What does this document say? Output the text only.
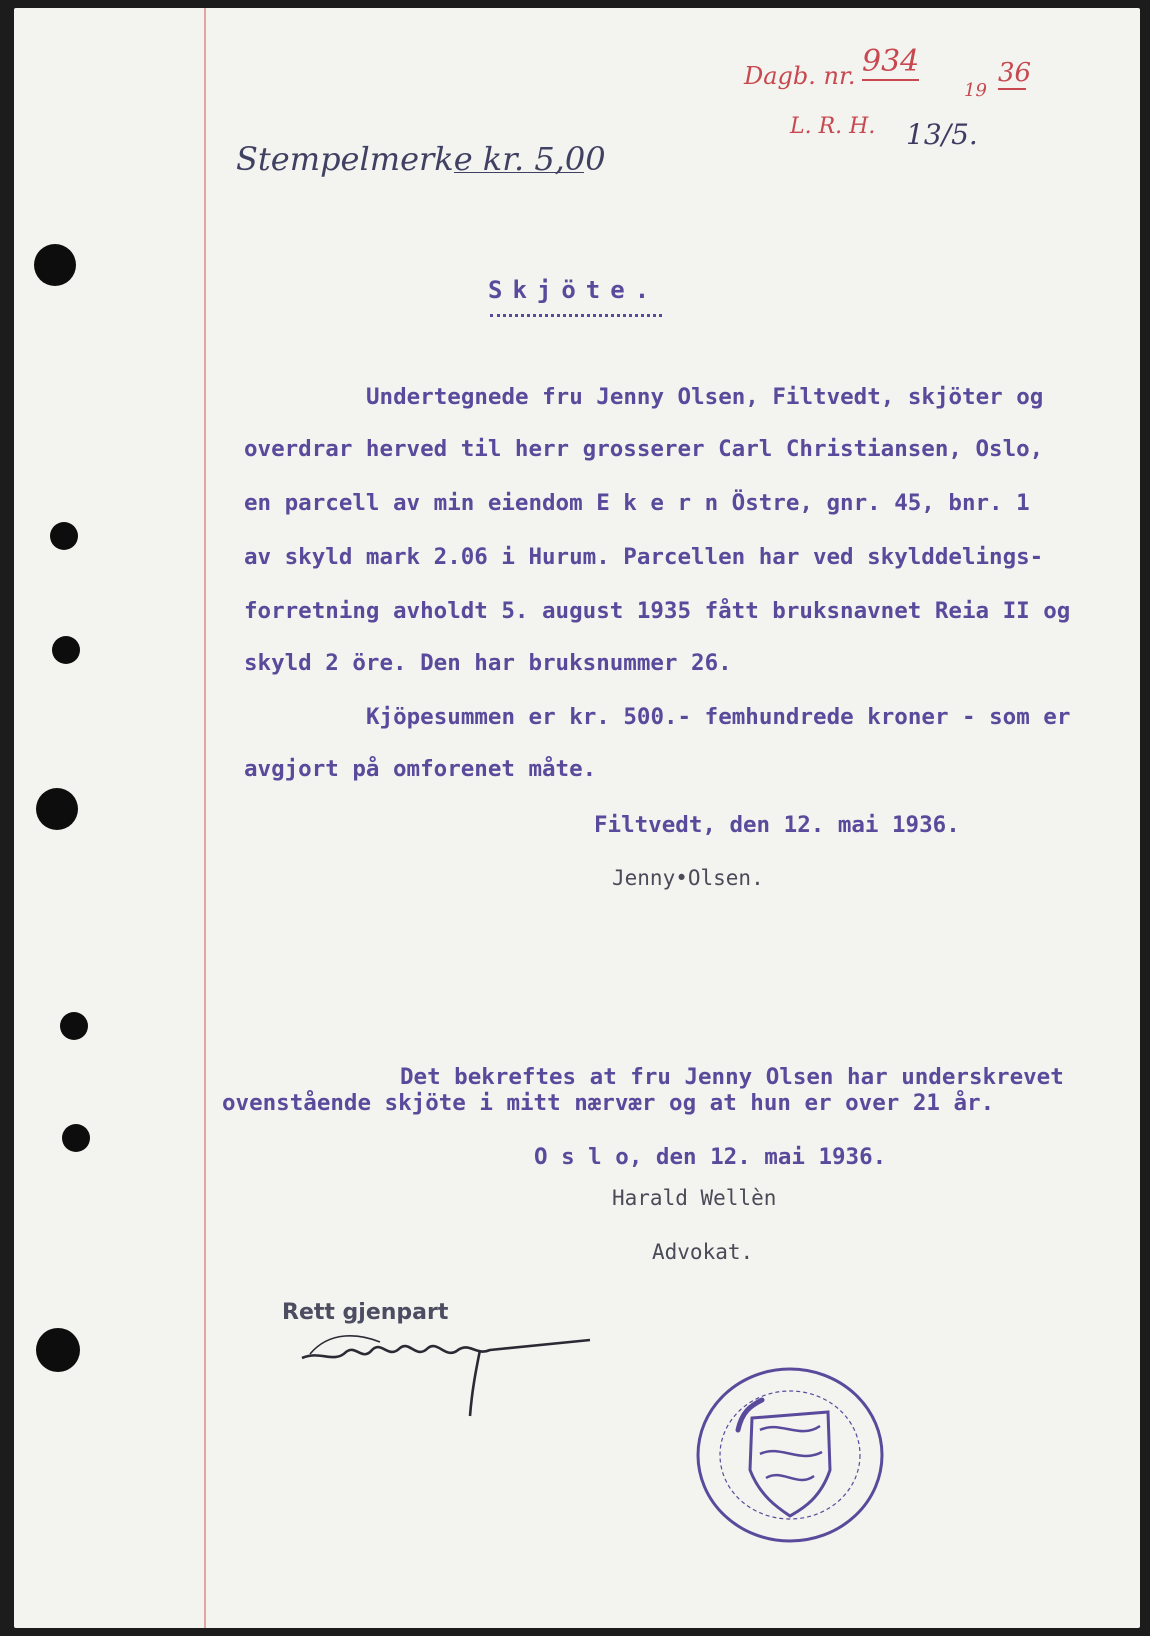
Dagb. nr. 934
19
36
L. R. H. 13/5.
Stempelmerke kr. 5,00
Skjöte.
Undertegnede fru Jenny Olsen, Filtvedt, skjöter og
overdrar herved til herr grosserer Carl Christiansen, Oslo,
en parcell av min eiendom E k e r n Östre, gnr. 45, bnr. 1
av skyld mark 2.06 i Hurum. Parcellen har ved skylddelings-
forretning avholdt 5. august 1935 fått bruksnavnet Reia II og
skyld 2 öre. Den har bruksnummer 26.
Kjöpesummen er kr. 500.- femhundrede kroner - som er
avgjort på omforenet måte.
Filtvedt, den 12. mai 1936.
Jenny•Olsen.
Det bekreftes at fru Jenny Olsen har underskrevet
ovenstående skjöte i mitt nærvær og at hun er over 21 år.
O s l o, den 12. mai 1936.
Harald Wellèn
Advokat.
Rett gjenpart
